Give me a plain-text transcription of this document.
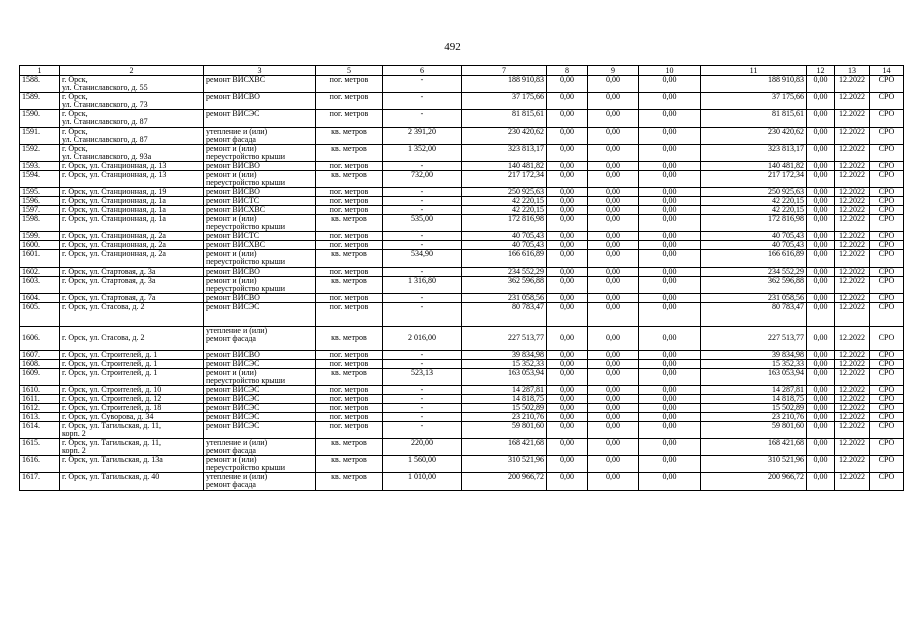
492
1	2	3	5	6	7	8	9	10	11	12	13	14
1588.	г. Орск,
ул. Станиславского, д. 55	ремонт ВИСХВС	пог. метров	-	188 910,83	0,00	0,00	0,00	188 910,83	0,00	12.2022	СРО
1589.	г. Орск,
ул. Станиславского, д. 73	ремонт ВИСВО	пог. метров	-	37 175,66	0,00	0,00	0,00	37 175,66	0,00	12.2022	СРО
1590.	г. Орск,
ул. Станиславского, д. 87	ремонт ВИСЭС	пог. метров	-	81 815,61	0,00	0,00	0,00	81 815,61	0,00	12.2022	СРО
1591.	г. Орск,
ул. Станиславского, д. 87	утепление и (или)
ремонт фасада	кв. метров	2 391,20	230 420,62	0,00	0,00	0,00	230 420,62	0,00	12.2022	СРО
1592.	г. Орск,
ул. Станиславского, д. 93а	ремонт и (или)
переустройство крыши	кв. метров	1 352,00	323 813,17	0,00	0,00	0,00	323 813,17	0,00	12.2022	СРО
1593.	г. Орск, ул. Станционная, д. 13	ремонт ВИСВО	пог. метров	-	140 481,82	0,00	0,00	0,00	140 481,82	0,00	12.2022	СРО
1594.	г. Орск, ул. Станционная, д. 13	ремонт и (или)
переустройство крыши	кв. метров	732,00	217 172,34	0,00	0,00	0,00	217 172,34	0,00	12.2022	СРО
1595.	г. Орск, ул. Станционная, д. 19	ремонт ВИСВО	пог. метров	-	250 925,63	0,00	0,00	0,00	250 925,63	0,00	12.2022	СРО
1596.	г. Орск, ул. Станционная, д. 1а	ремонт ВИСТС	пог. метров	-	42 220,15	0,00	0,00	0,00	42 220,15	0,00	12.2022	СРО
1597.	г. Орск, ул. Станционная, д. 1а	ремонт ВИСХВС	пог. метров	-	42 220,15	0,00	0,00	0,00	42 220,15	0,00	12.2022	СРО
1598.	г. Орск, ул. Станционная, д. 1а	ремонт и (или)
переустройство крыши	кв. метров	535,00	172 816,98	0,00	0,00	0,00	172 816,98	0,00	12.2022	СРО
1599.	г. Орск, ул. Станционная, д. 2а	ремонт ВИСТС	пог. метров	-	40 705,43	0,00	0,00	0,00	40 705,43	0,00	12.2022	СРО
1600.	г. Орск, ул. Станционная, д. 2а	ремонт ВИСХВС	пог. метров	-	40 705,43	0,00	0,00	0,00	40 705,43	0,00	12.2022	СРО
1601.	г. Орск, ул. Станционная, д. 2а	ремонт и (или)
переустройство крыши	кв. метров	534,90	166 616,89	0,00	0,00	0,00	166 616,89	0,00	12.2022	СРО
1602.	г. Орск, ул. Стартовая, д. 3а	ремонт ВИСВО	пог. метров	-	234 552,29	0,00	0,00	0,00	234 552,29	0,00	12.2022	СРО
1603.	г. Орск, ул. Стартовая, д. 3а	ремонт и (или)
переустройство крыши	кв. метров	1 316,80	362 596,88	0,00	0,00	0,00	362 596,88	0,00	12.2022	СРО
1604.	г. Орск, ул. Стартовая, д. 7а	ремонт ВИСВО	пог. метров	-	231 058,56	0,00	0,00	0,00	231 058,56	0,00	12.2022	СРО
1605.	г. Орск, ул. Стасова, д. 2	ремонт ВИСЭС	пог. метров	-	80 783,47	0,00	0,00	0,00	80 783,47	0,00	12.2022	СРО
1606.	г. Орск, ул. Стасова, д. 2	утепление и (или)
ремонт фасада	кв. метров	2 016,00	227 513,77	0,00	0,00	0,00	227 513,77	0,00	12.2022	СРО
1607.	г. Орск, ул. Строителей, д. 1	ремонт ВИСВО	пог. метров	-	39 834,98	0,00	0,00	0,00	39 834,98	0,00	12.2022	СРО
1608.	г. Орск, ул. Строителей, д. 1	ремонт ВИСЭС	пог. метров	-	15 352,33	0,00	0,00	0,00	15 352,33	0,00	12.2022	СРО
1609.	г. Орск, ул. Строителей, д. 1	ремонт и (или)
переустройство крыши	кв. метров	523,13	163 053,94	0,00	0,00	0,00	163 053,94	0,00	12.2022	СРО
1610.	г. Орск, ул. Строителей, д. 10	ремонт ВИСЭС	пог. метров	-	14 287,81	0,00	0,00	0,00	14 287,81	0,00	12.2022	СРО
1611.	г. Орск, ул. Строителей, д. 12	ремонт ВИСЭС	пог. метров	-	14 818,75	0,00	0,00	0,00	14 818,75	0,00	12.2022	СРО
1612.	г. Орск, ул. Строителей, д. 18	ремонт ВИСЭС	пог. метров	-	15 502,89	0,00	0,00	0,00	15 502,89	0,00	12.2022	СРО
1613.	г. Орск, ул. Суворова, д. 34	ремонт ВИСЭС	пог. метров	-	23 210,76	0,00	0,00	0,00	23 210,76	0,00	12.2022	СРО
1614.	г. Орск, ул. Тагильская, д. 11,
корп. 2	ремонт ВИСЭС	пог. метров	-	59 801,60	0,00	0,00	0,00	59 801,60	0,00	12.2022	СРО
1615.	г. Орск, ул. Тагильская, д. 11,
корп. 2	утепление и (или)
ремонт фасада	кв. метров	220,00	168 421,68	0,00	0,00	0,00	168 421,68	0,00	12.2022	СРО
1616.	г. Орск, ул. Тагильская, д. 13а	ремонт и (или)
переустройство крыши	кв. метров	1 560,00	310 521,96	0,00	0,00	0,00	310 521,96	0,00	12.2022	СРО
1617.	г. Орск, ул. Тагильская, д. 40	утепление и (или)
ремонт фасада	кв. метров	1 010,00	200 966,72	0,00	0,00	0,00	200 966,72	0,00	12.2022	СРО
